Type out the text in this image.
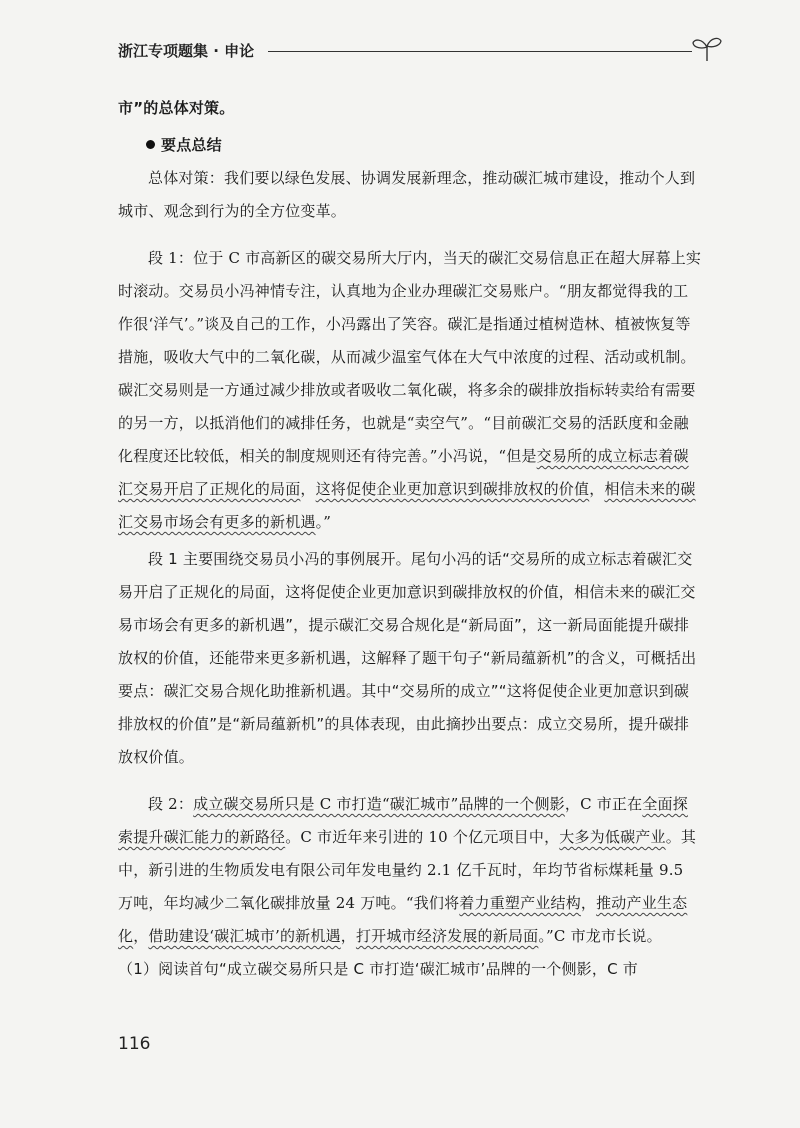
浙江专项题集 · 申论

市”的总体对策。

要点总结

总体对策：我们要以绿色发展、协调发展新理念，推动碳汇城市建设，推动个人到城市、观念到行为的全方位变革。

段 1：位于 C 市高新区的碳交易所大厅内，当天的碳汇交易信息正在超大屏幕上实时滚动。交易员小冯神情专注，认真地为企业办理碳汇交易账户。“朋友都觉得我的工作很‘洋气’。”谈及自己的工作，小冯露出了笑容。碳汇是指通过植树造林、植被恢复等措施，吸收大气中的二氧化碳，从而减少温室气体在大气中浓度的过程、活动或机制。碳汇交易则是一方通过减少排放或者吸收二氧化碳，将多余的碳排放指标转卖给有需要的另一方，以抵消他们的减排任务，也就是“卖空气”。“目前碳汇交易的活跃度和金融化程度还比较低，相关的制度规则还有待完善。”小冯说，“但是交易所的成立标志着碳汇交易开启了正规化的局面，这将促使企业更加意识到碳排放权的价值，相信未来的碳汇交易市场会有更多的新机遇。”

段 1 主要围绕交易员小冯的事例展开。尾句小冯的话“交易所的成立标志着碳汇交易开启了正规化的局面，这将促使企业更加意识到碳排放权的价值，相信未来的碳汇交易市场会有更多的新机遇”，提示碳汇交易合规化是“新局面”，这一新局面能提升碳排放权的价值，还能带来更多新机遇，这解释了题干句子“新局蕴新机”的含义，可概括出要点：碳汇交易合规化助推新机遇。其中“交易所的成立”“这将促使企业更加意识到碳排放权的价值”是“新局蕴新机”的具体表现，由此摘抄出要点：成立交易所，提升碳排放权价值。

段 2：成立碳交易所只是 C 市打造“碳汇城市”品牌的一个侧影，C 市正在全面探索提升碳汇能力的新路径。C 市近年来引进的 10 个亿元项目中，大多为低碳产业。其中，新引进的生物质发电有限公司年发电量约 2.1 亿千瓦时，年均节省标煤耗量 9.5 万吨，年均减少二氧化碳排放量 24 万吨。“我们将着力重塑产业结构，推动产业生态化，借助建设‘碳汇城市’的新机遇，打开城市经济发展的新局面。”C 市龙市长说。

（1）阅读首句“成立碳交易所只是 C 市打造‘碳汇城市’品牌的一个侧影，C 市

116
